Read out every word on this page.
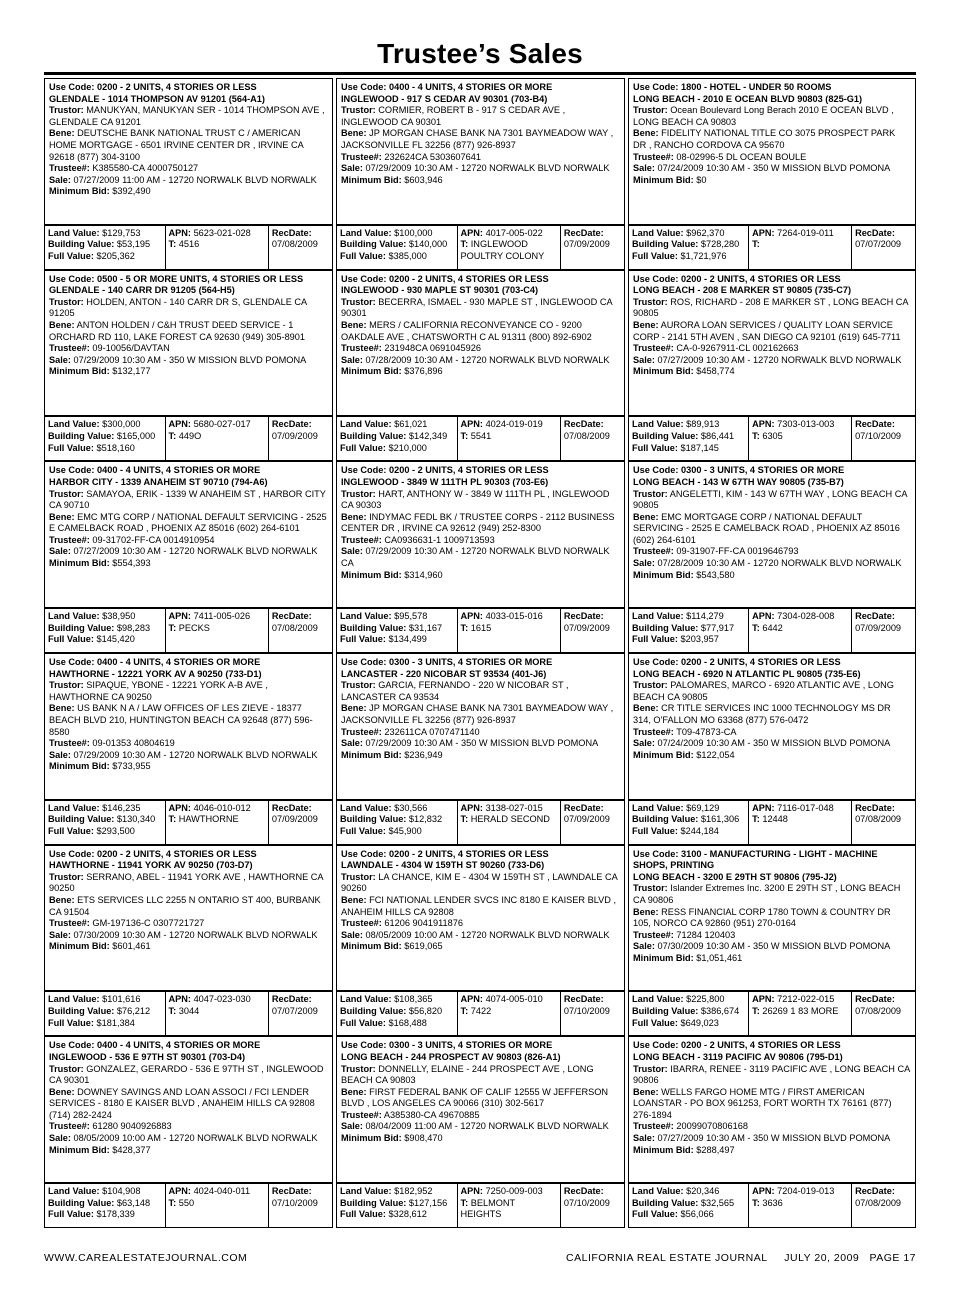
Trustee’s Sales
Use Code: 0200 - 2 UNITS, 4 STORIES OR LESS
GLENDALE - 1014 THOMPSON AV 91201 (564-A1)
Trustor: MANUKYAN, MANUKYAN SER - 1014 THOMPSON AVE , GLENDALE CA 91201
Bene: DEUTSCHE BANK NATIONAL TRUST C / AMERICAN HOME MORTGAGE - 6501 IRVINE CENTER DR , IRVINE CA 92618 (877) 304-3100
Trustee#: K385580-CA 4000750127
Sale: 07/27/2009 11:00 AM - 12720 NORWALK BLVD NORWALK
Minimum Bid: $392,490
Land Value: $129,753
Building Value: $53,195
Full Value: $205,362
APN: 5623-021-028
T: 4516
RecDate:
07/08/2009
Use Code: 0400 - 4 UNITS, 4 STORIES OR MORE
INGLEWOOD - 917 S CEDAR AV 90301 (703-B4)
Trustor: CORMIER, ROBERT B - 917 S CEDAR AVE , INGLEWOOD CA 90301
Bene: JP MORGAN CHASE BANK NA 7301 BAYMEADOW WAY , JACKSONVILLE FL 32256 (877) 926-8937
Trustee#: 232624CA 5303607641
Sale: 07/29/2009 10:30 AM - 12720 NORWALK BLVD NORWALK
Minimum Bid: $603,946
Land Value: $100,000
Building Value: $140,000
Full Value: $385,000
APN: 4017-005-022
T: INGLEWOOD POULTRY COLONY
RecDate:
07/09/2009
Use Code: 1800 - HOTEL - UNDER 50 ROOMS
LONG BEACH - 2010 E OCEAN BLVD 90803 (825-G1)
Trustor: Ocean Boulevard Long Berach 2010 E OCEAN BLVD , LONG BEACH CA 90803
Bene: FIDELITY NATIONAL TITLE CO 3075 PROSPECT PARK DR , RANCHO CORDOVA CA 95670
Trustee#: 08-02996-5 DL OCEAN BOULE
Sale: 07/24/2009 10:30 AM - 350 W MISSION BLVD POMONA
Minimum Bid: $0
Land Value: $962,370
Building Value: $728,280
Full Value: $1,721,976
APN: 7264-019-011
T:
RecDate:
07/07/2009
Use Code: 0500 - 5 OR MORE UNITS, 4 STORIES OR LESS
GLENDALE - 140 CARR DR 91205 (564-H5)
Trustor: HOLDEN, ANTON - 140 CARR DR S, GLENDALE CA 91205
Bene: ANTON HOLDEN / C&H TRUST DEED SERVICE - 1 ORCHARD RD 110, LAKE FOREST CA 92630 (949) 305-8901
Trustee#: 09-10056/DAVTAN
Sale: 07/29/2009 10:30 AM - 350 W MISSION BLVD POMONA
Minimum Bid: $132,177
Land Value: $300,000
Building Value: $165,000
Full Value: $518,160
APN: 5680-027-017
T: 449O
RecDate:
07/09/2009
Use Code: 0200 - 2 UNITS, 4 STORIES OR LESS
INGLEWOOD - 930 MAPLE ST 90301 (703-C4)
Trustor: BECERRA, ISMAEL - 930 MAPLE ST , INGLEWOOD CA 90301
Bene: MERS / CALIFORNIA RECONVEYANCE CO - 9200 OAKDALE AVE , CHATSWORTH C AL 91311 (800) 892-6902
Trustee#: 231948CA 0691045926
Sale: 07/28/2009 10:30 AM - 12720 NORWALK BLVD NORWALK
Minimum Bid: $376,896
Land Value: $61,021
Building Value: $142,349
Full Value: $210,000
APN: 4024-019-019
T: 5541
RecDate:
07/08/2009
Use Code: 0200 - 2 UNITS, 4 STORIES OR LESS
LONG BEACH - 208 E MARKER ST 90805 (735-C7)
Trustor: ROS, RICHARD - 208 E MARKER ST , LONG BEACH CA 90805
Bene: AURORA LOAN SERVICES / QUALITY LOAN SERVICE CORP - 2141 5TH AVEN , SAN DIEGO CA 92101 (619) 645-7711
Trustee#: CA-0-9267911-CL 002162663
Sale: 07/27/2009 10:30 AM - 12720 NORWALK BLVD NORWALK
Minimum Bid: $458,774
Land Value: $89,913
Building Value: $86,441
Full Value: $187,145
APN: 7303-013-003
T: 6305
RecDate:
07/10/2009
Use Code: 0400 - 4 UNITS, 4 STORIES OR MORE
HARBOR CITY - 1339 ANAHEIM ST 90710 (794-A6)
Trustor: SAMAYOA, ERIK - 1339 W ANAHEIM ST , HARBOR CITY CA 90710
Bene: EMC MTG CORP / NATIONAL DEFAULT SERVICING - 2525 E CAMELBACK ROAD , PHOENIX AZ 85016 (602) 264-6101
Trustee#: 09-31702-FF-CA 0014910954
Sale: 07/27/2009 10:30 AM - 12720 NORWALK BLVD NORWALK
Minimum Bid: $554,393
Land Value: $38,950
Building Value: $98,283
Full Value: $145,420
APN: 7411-005-026
T: PECKS
RecDate:
07/08/2009
Use Code: 0200 - 2 UNITS, 4 STORIES OR LESS
INGLEWOOD - 3849 W 111TH PL 90303 (703-E6)
Trustor: HART, ANTHONY W - 3849 W 111TH PL , INGLEWOOD CA 90303
Bene: INDYMAC FEDL BK / TRUSTEE CORPS - 2112 BUSINESS CENTER DR , IRVINE CA 92612 (949) 252-8300
Trustee#: CA0936631-1 1009713593
Sale: 07/29/2009 10:30 AM - 12720 NORWALK BLVD NORWALK CA
Minimum Bid: $314,960
Land Value: $95,578
Building Value: $31,167
Full Value: $134,499
APN: 4033-015-016
T: 1615
RecDate:
07/09/2009
Use Code: 0300 - 3 UNITS, 4 STORIES OR MORE
LONG BEACH - 143 W 67TH WAY 90805 (735-B7)
Trustor: ANGELETTI, KIM - 143 W 67TH WAY , LONG BEACH CA 90805
Bene: EMC MORTGAGE CORP / NATIONAL DEFAULT SERVICING - 2525 E CAMELBACK ROAD , PHOENIX AZ 85016 (602) 264-6101
Trustee#: 09-31907-FF-CA 0019646793
Sale: 07/28/2009 10:30 AM - 12720 NORWALK BLVD NORWALK
Minimum Bid: $543,580
Land Value: $114,279
Building Value: $77,917
Full Value: $203,957
APN: 7304-028-008
T: 6442
RecDate:
07/09/2009
Use Code: 0400 - 4 UNITS, 4 STORIES OR MORE
HAWTHORNE - 12221 YORK AV A 90250 (733-D1)
Trustor: SIPAQUE, YBONE - 12221 YORK A-B AVE , HAWTHORNE CA 90250
Bene: US BANK N A / LAW OFFICES OF LES ZIEVE - 18377 BEACH BLVD 210, HUNTINGTON BEACH CA 92648 (877) 596-8580
Trustee#: 09-01353 40804619
Sale: 07/29/2009 10:30 AM - 12720 NORWALK BLVD NORWALK
Minimum Bid: $733,955
Land Value: $146,235
Building Value: $130,340
Full Value: $293,500
APN: 4046-010-012
T: HAWTHORNE
RecDate:
07/09/2009
Use Code: 0300 - 3 UNITS, 4 STORIES OR MORE
LANCASTER - 220 NICOBAR ST 93534 (401-J6)
Trustor: GARCIA, FERNANDO - 220 W NICOBAR ST , LANCASTER CA 93534
Bene: JP MORGAN CHASE BANK NA 7301 BAYMEADOW WAY , JACKSONVILLE FL 32256 (877) 926-8937
Trustee#: 232611CA 0707471140
Sale: 07/29/2009 10:30 AM - 350 W MISSION BLVD POMONA
Minimum Bid: $236,949
Land Value: $30,566
Building Value: $12,832
Full Value: $45,900
APN: 3138-027-015
T: HERALD SECOND
RecDate:
07/09/2009
Use Code: 0200 - 2 UNITS, 4 STORIES OR LESS
LONG BEACH - 6920 N ATLANTIC PL 90805 (735-E6)
Trustor: PALOMARES, MARCO - 6920 ATLANTIC AVE , LONG BEACH CA 90805
Bene: CR TITLE SERVICES INC 1000 TECHNOLOGY MS DR 314, O'FALLON MO 63368 (877) 576-0472
Trustee#: T09-47873-CA
Sale: 07/24/2009 10:30 AM - 350 W MISSION BLVD POMONA
Minimum Bid: $122,054
Land Value: $69,129
Building Value: $161,306
Full Value: $244,184
APN: 7116-017-048
T: 12448
RecDate:
07/08/2009
Use Code: 0200 - 2 UNITS, 4 STORIES OR LESS
HAWTHORNE - 11941 YORK AV 90250 (703-D7)
Trustor: SERRANO, ABEL - 11941 YORK AVE , HAWTHORNE CA 90250
Bene: ETS SERVICES LLC 2255 N ONTARIO ST 400, BURBANK CA 91504
Trustee#: GM-197136-C 0307721727
Sale: 07/30/2009 10:30 AM - 12720 NORWALK BLVD NORWALK
Minimum Bid: $601,461
Land Value: $101,616
Building Value: $76,212
Full Value: $181,384
APN: 4047-023-030
T: 3044
RecDate:
07/07/2009
Use Code: 0200 - 2 UNITS, 4 STORIES OR LESS
LAWNDALE - 4304 W 159TH ST 90260 (733-D6)
Trustor: LA CHANCE, KIM E - 4304 W 159TH ST , LAWNDALE CA 90260
Bene: FCI NATIONAL LENDER SVCS INC 8180 E KAISER BLVD , ANAHEIM HILLS CA 92808
Trustee#: 61206 9041911876
Sale: 08/05/2009 10:00 AM - 12720 NORWALK BLVD NORWALK
Minimum Bid: $619,065
Land Value: $108,365
Building Value: $56,820
Full Value: $168,488
APN: 4074-005-010
T: 7422
RecDate:
07/10/2009
Use Code: 3100 - MANUFACTURING - LIGHT - MACHINE SHOPS, PRINTING
LONG BEACH - 3200 E 29TH ST 90806 (795-J2)
Trustor: Islander Extremes Inc. 3200 E 29TH ST , LONG BEACH CA 90806
Bene: RESS FINANCIAL CORP 1780 TOWN & COUNTRY DR 105, NORCO CA 92860 (951) 270-0164
Trustee#: 71284 120403
Sale: 07/30/2009 10:30 AM - 350 W MISSION BLVD POMONA
Minimum Bid: $1,051,461
Land Value: $225,800
Building Value: $386,674
Full Value: $649,023
APN: 7212-022-015
T: 26269 1 83 MORE
RecDate:
07/08/2009
Use Code: 0400 - 4 UNITS, 4 STORIES OR MORE
INGLEWOOD - 536 E 97TH ST 90301 (703-D4)
Trustor: GONZALEZ, GERARDO - 536 E 97TH ST , INGLEWOOD CA 90301
Bene: DOWNEY SAVINGS AND LOAN ASSOCI / FCI LENDER SERVICES - 8180 E KAISER BLVD , ANAHEIM HILLS CA 92808 (714) 282-2424
Trustee#: 61280 9040926883
Sale: 08/05/2009 10:00 AM - 12720 NORWALK BLVD NORWALK
Minimum Bid: $428,377
Land Value: $104,908
Building Value: $63,148
Full Value: $178,339
APN: 4024-040-011
T: 550
RecDate:
07/10/2009
Use Code: 0300 - 3 UNITS, 4 STORIES OR MORE
LONG BEACH - 244 PROSPECT AV 90803 (826-A1)
Trustor: DONNELLY, ELAINE - 244 PROSPECT AVE , LONG BEACH CA 90803
Bene: FIRST FEDERAL BANK OF CALIF 12555 W JEFFERSON BLVD , LOS ANGELES CA 90066 (310) 302-5617
Trustee#: A385380-CA 49670885
Sale: 08/04/2009 11:00 AM - 12720 NORWALK BLVD NORWALK
Minimum Bid: $908,470
Land Value: $182,952
Building Value: $127,156
Full Value: $328,612
APN: 7250-009-003
T: BELMONT HEIGHTS
RecDate:
07/10/2009
Use Code: 0200 - 2 UNITS, 4 STORIES OR LESS
LONG BEACH - 3119 PACIFIC AV 90806 (795-D1)
Trustor: IBARRA, RENEE - 3119 PACIFIC AVE , LONG BEACH CA 90806
Bene: WELLS FARGO HOME MTG / FIRST AMERICAN LOANSTAR - PO BOX 961253, FORT WORTH TX 76161 (877) 276-1894
Trustee#: 20099070806168
Sale: 07/27/2009 10:30 AM - 350 W MISSION BLVD POMONA
Minimum Bid: $288,497
Land Value: $20,346
Building Value: $32,565
Full Value: $56,066
APN: 7204-019-013
T: 3636
RecDate:
07/08/2009
WWW.CAREALESTATEJOURNAL.COM	CALIFORNIA REAL ESTATE JOURNAL     JULY 20, 2009   PAGE 17
